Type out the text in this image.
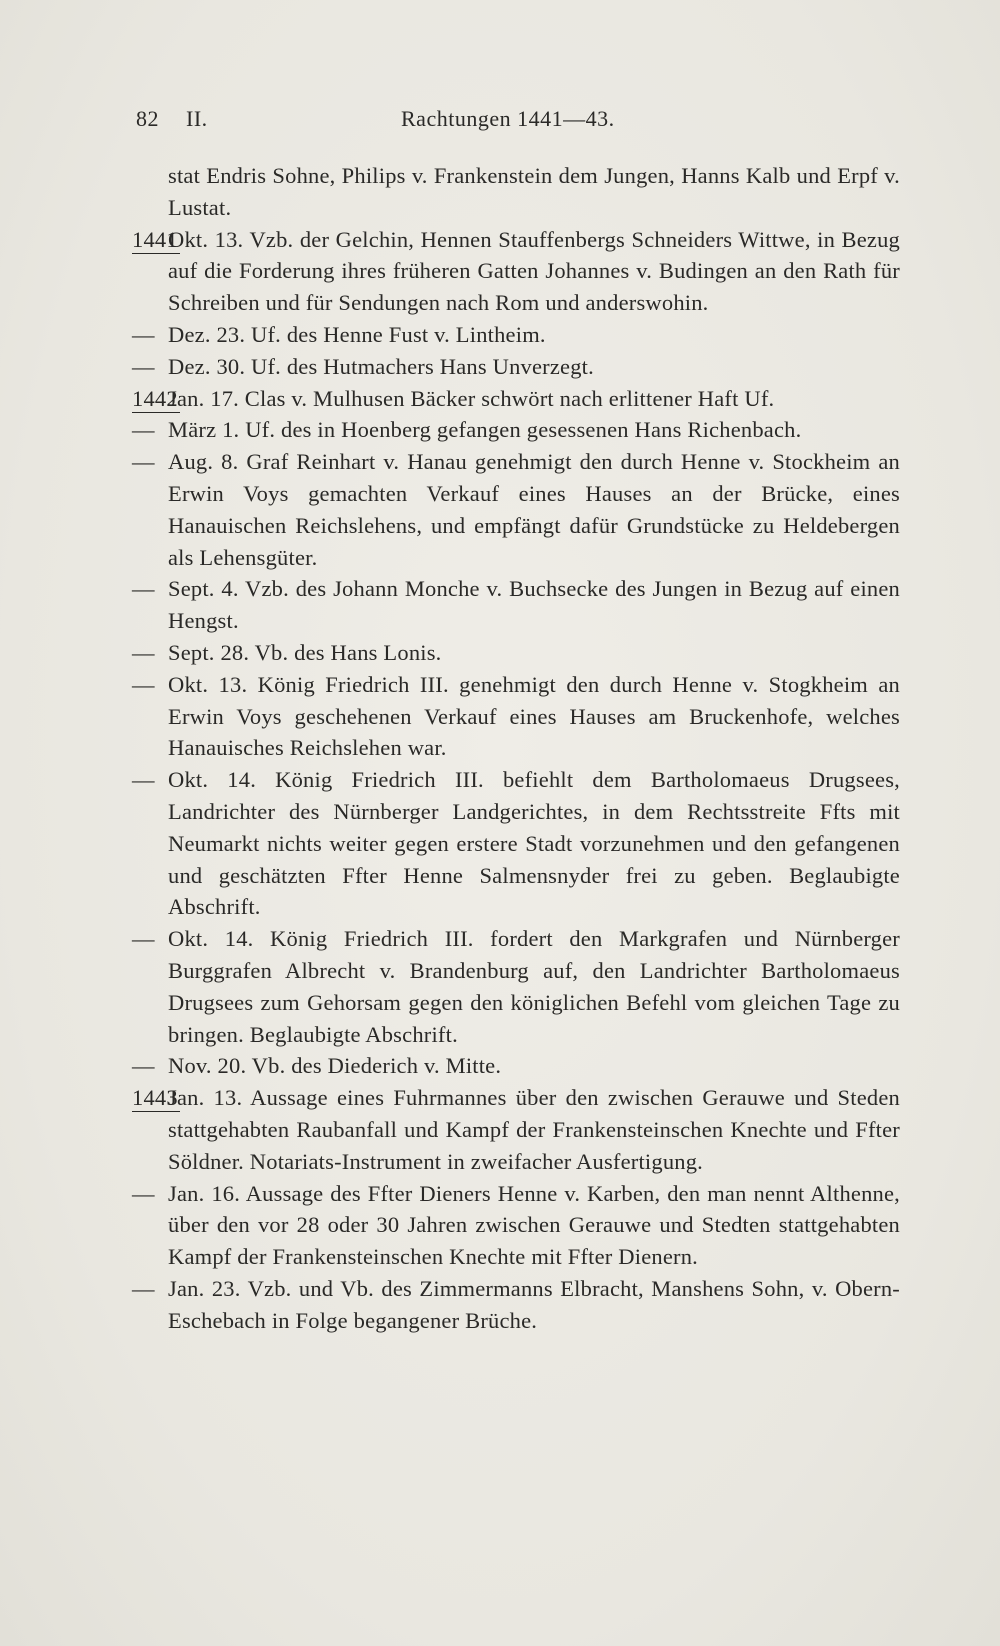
82 II.	Rachtungen 1441—43.

stat Endris Sohne, Philips v. Frankenstein dem Jungen, Hanns Kalb und Erpf v. Lustat.

1441
Okt. 13. Vzb. der Gelchin, Hennen Stauffenbergs Schneiders Wittwe, in Bezug auf die Forderung ihres früheren Gatten Johannes v. Budingen an den Rath für Schreiben und für Sendungen nach Rom und anderswohin.

— Dez. 23. Uf. des Henne Fust v. Lintheim.

— Dez. 30. Uf. des Hutmachers Hans Unverzegt.

1442
Jan. 17. Clas v. Mulhusen Bäcker schwört nach erlittener Haft Uf.

— März 1. Uf. des in Hoenberg gefangen gesessenen Hans Richenbach.

— Aug. 8. Graf Reinhart v. Hanau genehmigt den durch Henne v. Stockheim an Erwin Voys gemachten Verkauf eines Hauses an der Brücke, eines Hanauischen Reichslehens, und empfängt dafür Grundstücke zu Heldebergen als Lehensgüter.

— Sept. 4. Vzb. des Johann Monche v. Buchsecke des Jungen in Bezug auf einen Hengst.

— Sept. 28. Vb. des Hans Lonis.

— Okt. 13. König Friedrich III. genehmigt den durch Henne v. Stogkheim an Erwin Voys geschehenen Verkauf eines Hauses am Bruckenhofe, welches Hanauisches Reichslehen war.

— Okt. 14. König Friedrich III. befiehlt dem Bartholomaeus Drugsees, Landrichter des Nürnberger Landgerichtes, in dem Rechtsstreite Ffts mit Neumarkt nichts weiter gegen erstere Stadt vorzunehmen und den gefangenen und geschätzten Ffter Henne Salmensnyder frei zu geben. Beglaubigte Abschrift.

— Okt. 14. König Friedrich III. fordert den Markgrafen und Nürnberger Burggrafen Albrecht v. Brandenburg auf, den Landrichter Bartholomaeus Drugsees zum Gehorsam gegen den königlichen Befehl vom gleichen Tage zu bringen. Beglaubigte Abschrift.

— Nov. 20. Vb. des Diederich v. Mitte.

1443
Jan. 13. Aussage eines Fuhrmannes über den zwischen Gerauwe und Steden stattgehabten Raubanfall und Kampf der Frankensteinschen Knechte und Ffter Söldner. Notariats-Instrument in zweifacher Ausfertigung.

— Jan. 16. Aussage des Ffter Dieners Henne v. Karben, den man nennt Althenne, über den vor 28 oder 30 Jahren zwischen Gerauwe und Stedten stattgehabten Kampf der Frankensteinschen Knechte mit Ffter Dienern.

— Jan. 23. Vzb. und Vb. des Zimmermanns Elbracht, Manshens Sohn, v. Obern-Eschebach in Folge begangener Brüche.
